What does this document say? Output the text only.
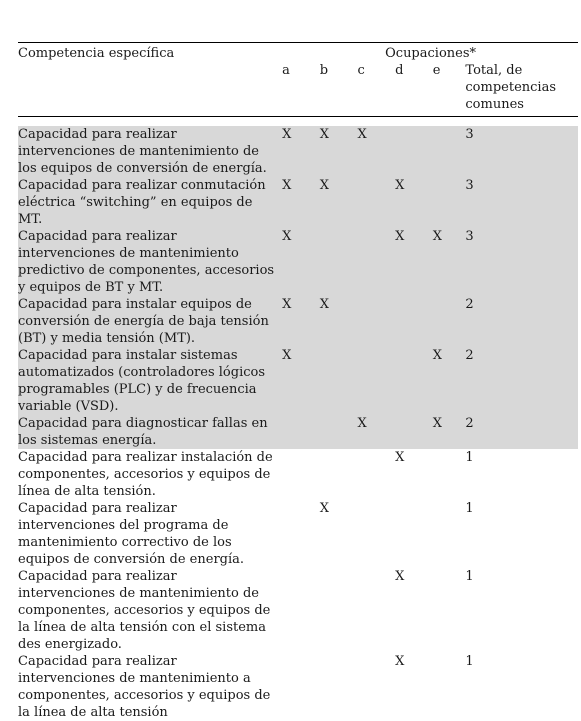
Competencia específica	Ocupaciones*					
	a	b	c	d	e	Total, de competencias comunes

Capacidad para realizar intervenciones de mantenimiento de los equipos de conversión de energía.	X	X	X			3
Capacidad para realizar conmutación eléctrica “switching” en equipos de MT.	X	X		X		3
Capacidad para realizar intervenciones de mantenimiento predictivo de componentes, accesorios y equipos de BT y MT.	X			X	X	3
Capacidad para instalar equipos de conversión de energía de baja tensión (BT) y media tensión (MT).	X	X				2
Capacidad para instalar sistemas automatizados (controladores lógicos programables (PLC) y de frecuencia variable (VSD).	X				X	2
Capacidad para diagnosticar fallas en los sistemas energía.			X		X	2
Capacidad para realizar instalación de componentes, accesorios y equipos de línea de alta tensión.				X		1
Capacidad para realizar intervenciones del programa de mantenimiento correctivo de los equipos de conversión de energía.		X				1
Capacidad para realizar intervenciones de mantenimiento de componentes, accesorios y equipos de la línea de alta tensión con el sistema des energizado.				X		1
Capacidad para realizar intervenciones de mantenimiento a componentes, accesorios y equipos de la línea de alta tensión				X		1
